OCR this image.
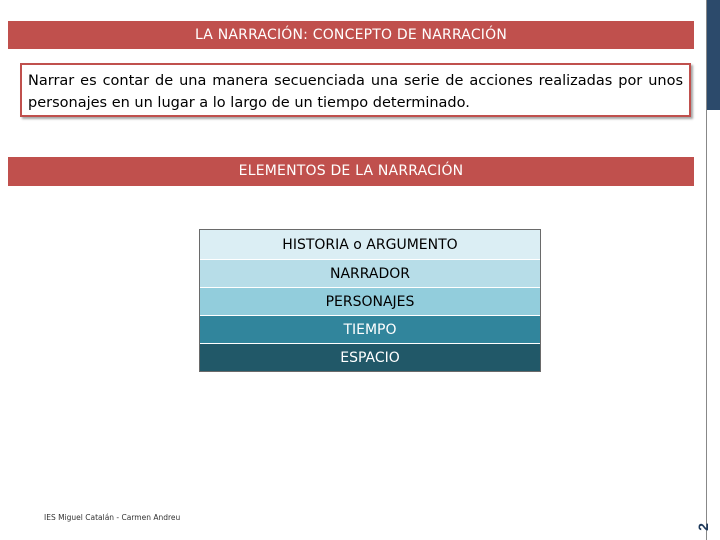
2
LA NARRACIÓN: CONCEPTO DE NARRACIÓN
Narrar es contar de una manera secuenciada una serie de acciones realizadas por unos personajes en un lugar a lo largo de un tiempo determinado.
ELEMENTOS DE LA NARRACIÓN
HISTORIA o ARGUMENTO
NARRADOR
PERSONAJES
TIEMPO
ESPACIO
IES Miguel Catalán - Carmen Andreu
